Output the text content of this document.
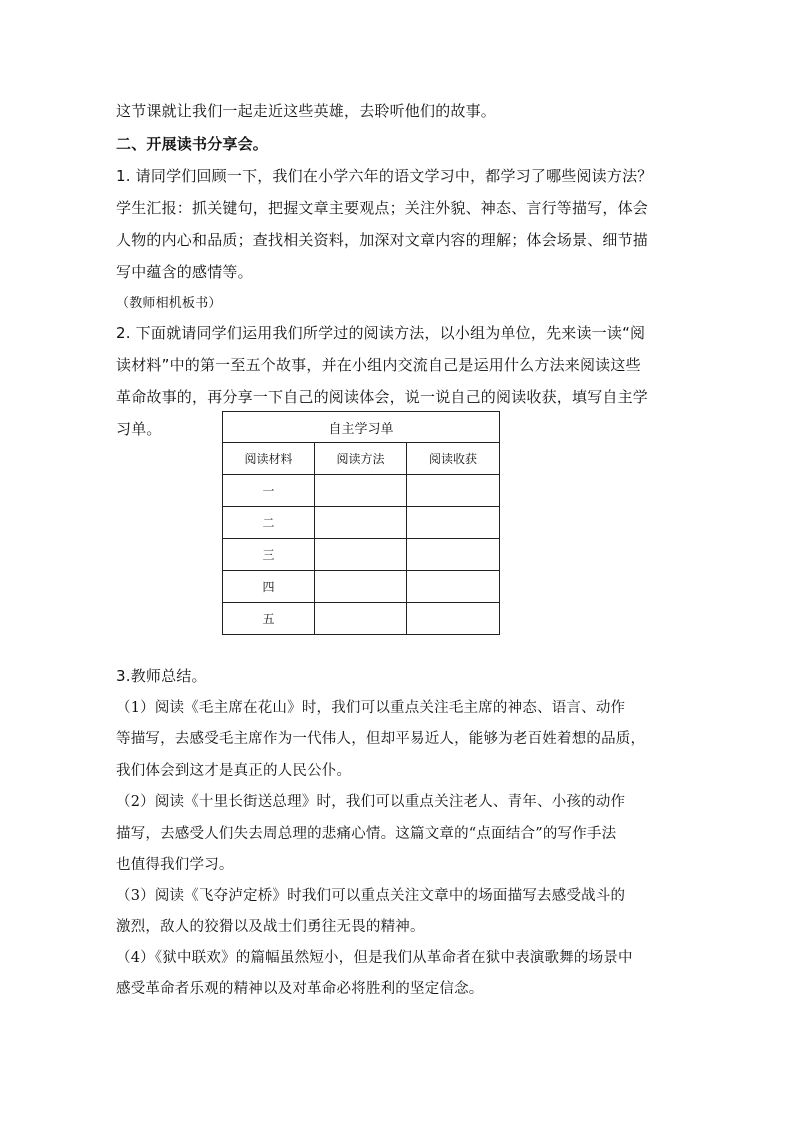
这节课就让我们一起走近这些英雄，去聆听他们的故事。
二、开展读书分享会。
1. 请同学们回顾一下，我们在小学六年的语文学习中，都学习了哪些阅读方法？
学生汇报：抓关键句，把握文章主要观点；关注外貌、神态、言行等描写，体会
人物的内心和品质；查找相关资料，加深对文章内容的理解；体会场景、细节描
写中蕴含的感情等。
（教师相机板书）
2. 下面就请同学们运用我们所学过的阅读方法，以小组为单位，先来读一读“阅
读材料”中的第一至五个故事，并在小组内交流自己是运用什么方法来阅读这些
革命故事的，再分享一下自己的阅读体会，说一说自己的阅读收获，填写自主学
习单。	自主学习单		
阅读材料	阅读方法	阅读收获
一		
二		
三		
四		
五		
3.教师总结。
（1）阅读《毛主席在花山》时，我们可以重点关注毛主席的神态、语言、动作
等描写，去感受毛主席作为一代伟人，但却平易近人，能够为老百姓着想的品质，
我们体会到这才是真正的人民公仆。
（2）阅读《十里长街送总理》时，我们可以重点关注老人、青年、小孩的动作
描写，去感受人们失去周总理的悲痛心情。这篇文章的“点面结合”的写作手法
也值得我们学习。
（3）阅读《飞夺泸定桥》时我们可以重点关注文章中的场面描写去感受战斗的
激烈，敌人的狡猾以及战士们勇往无畏的精神。
（4）《狱中联欢》的篇幅虽然短小，但是我们从革命者在狱中表演歌舞的场景中
感受革命者乐观的精神以及对革命必将胜利的坚定信念。
